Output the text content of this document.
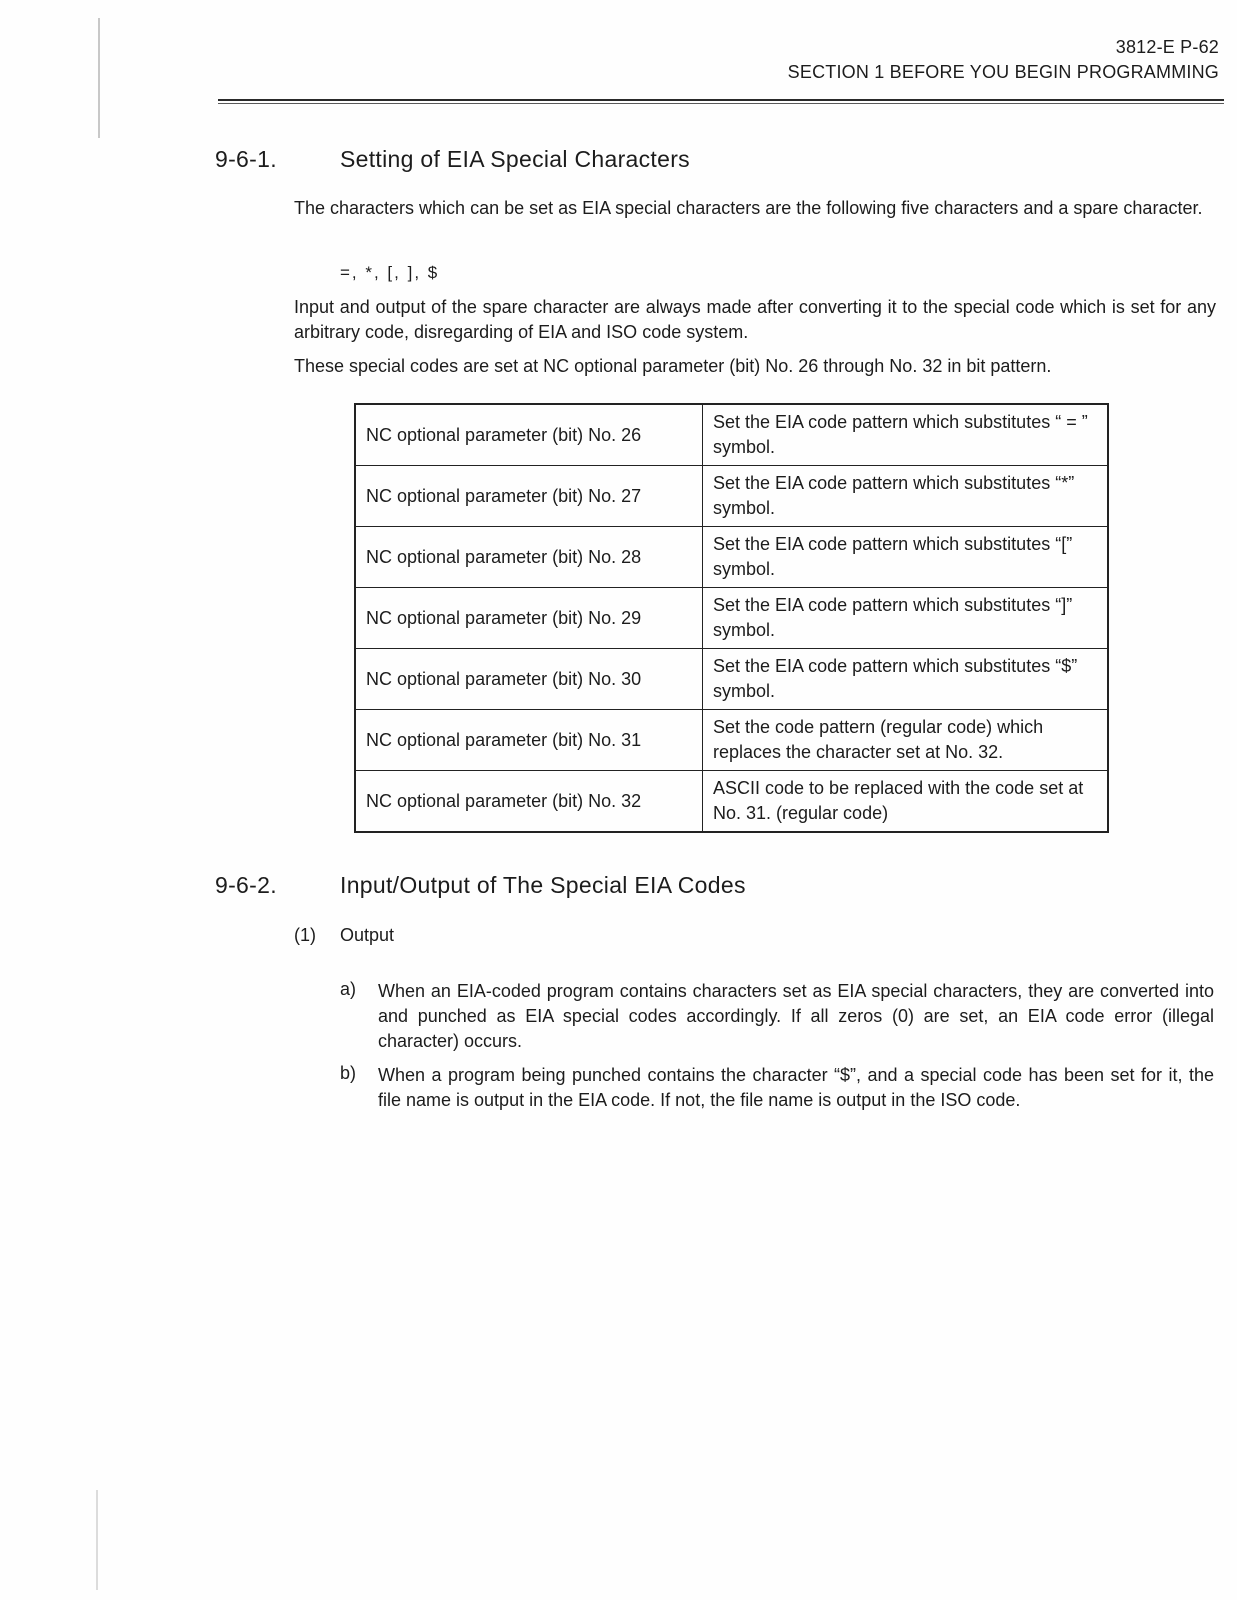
3812-E P-62
SECTION 1 BEFORE YOU BEGIN PROGRAMMING
9-6-1.	Setting of EIA Special Characters

The characters which can be set as EIA special characters are the following five characters and a spare character.

=, *, [, ], $

Input and output of the spare character are always made after converting it to the special code which is set for any arbitrary code, disregarding of EIA and ISO code system.

These special codes are set at NC optional parameter (bit) No. 26 through No. 32 in bit pattern.

NC optional parameter (bit) No. 26	Set the EIA code pattern which substitutes “ = ” symbol.
NC optional parameter (bit) No. 27	Set the EIA code pattern which substitutes “*” symbol.
NC optional parameter (bit) No. 28	Set the EIA code pattern which substitutes “[” symbol.
NC optional parameter (bit) No. 29	Set the EIA code pattern which substitutes “]” symbol.
NC optional parameter (bit) No. 30	Set the EIA code pattern which substitutes “$” symbol.
NC optional parameter (bit) No. 31	Set the code pattern (regular code) which replaces the character set at No. 32.
NC optional parameter (bit) No. 32	ASCII code to be replaced with the code set at No. 31. (regular code)
9-6-2.	Input/Output of The Special EIA Codes
(1) Output
a) When an EIA-coded program contains characters set as EIA special characters, they are converted into and punched as EIA special codes accordingly. If all zeros (0) are set, an EIA code error (illegal character) occurs.

b) When a program being punched contains the character “$”, and a special code has been set for it, the file name is output in the EIA code. If not, the file name is output in the ISO code.
